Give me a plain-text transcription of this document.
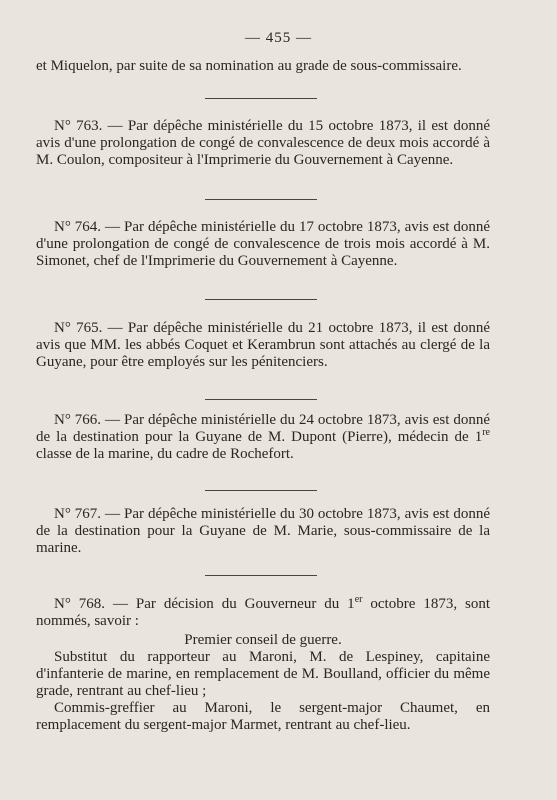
— 455 —

et Miquelon, par suite de sa nomination au grade de sous-commissaire.

N° 763. — Par dépêche ministérielle du 15 octobre 1873, il est donné avis d'une prolongation de congé de convalescence de deux mois accordé à M. Coulon, compositeur à l'Imprimerie du Gouvernement à Cayenne.

N° 764. — Par dépêche ministérielle du 17 octobre 1873, avis est donné d'une prolongation de congé de convalescence de trois mois accordé à M. Simonet, chef de l'Imprimerie du Gouvernement à Cayenne.

N° 765. — Par dépêche ministérielle du 21 octobre 1873, il est donné avis que MM. les abbés Coquet et Kerambrun sont attachés au clergé de la Guyane, pour être employés sur les pénitenciers.

N° 766. — Par dépêche ministérielle du 24 octobre 1873, avis est donné de la destination pour la Guyane de M. Dupont (Pierre), médecin de 1re classe de la marine, du cadre de Rochefort.

N° 767. — Par dépêche ministérielle du 30 octobre 1873, avis est donné de la destination pour la Guyane de M. Marie, sous-commissaire de la marine.

N° 768. — Par décision du Gouverneur du 1er octobre 1873, sont nommés, savoir :

Premier conseil de guerre.

Substitut du rapporteur au Maroni, M. de Lespiney, capitaine d'infanterie de marine, en remplacement de M. Boulland, officier du même grade, rentrant au chef-lieu ;

Commis-greffier au Maroni, le sergent-major Chaumet, en remplacement du sergent-major Marmet, rentrant au chef-lieu.
